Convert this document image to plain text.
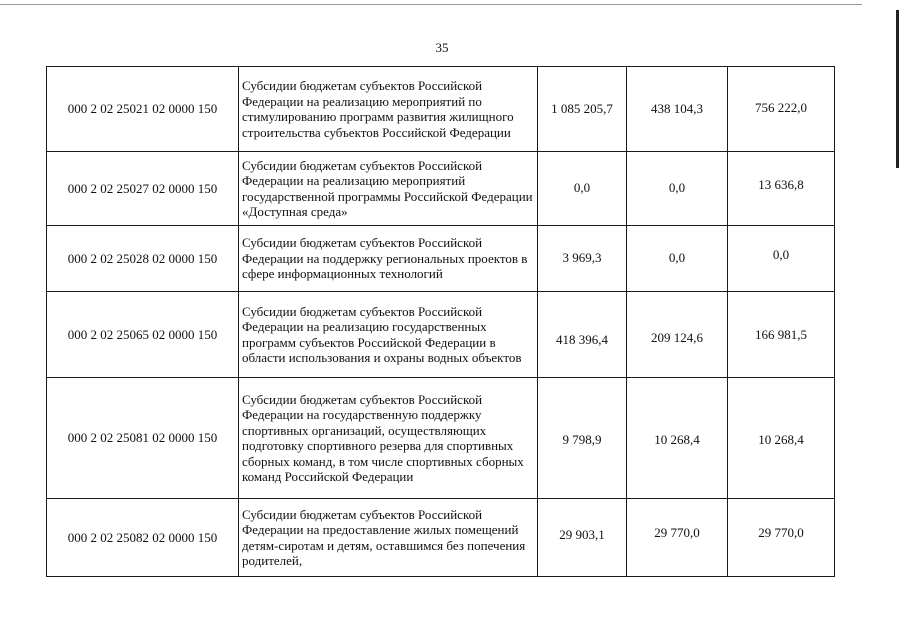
35
000 2 02 25021 02 0000 150	Субсидии бюджетам субъектов Российской Федерации на реализацию мероприятий по стимулированию программ развития жилищного строительства субъектов Российской Федерации	1 085 205,7	438 104,3	756 222,0

000 2 02 25027 02 0000 150	Субсидии бюджетам субъектов Российской Федерации на реализацию мероприятий государственной программы Российской Федерации «Доступная среда»	0,0	0,0	13 636,8

000 2 02 25028 02 0000 150	Субсидии бюджетам субъектов Российской Федерации на поддержку региональных проектов в сфере информационных технологий	3 969,3	0,0	0,0

000 2 02 25065 02 0000 150	Субсидии бюджетам субъектов Российской Федерации на реализацию государственных программ субъектов Российской Федерации в области использования и охраны водных объектов	418 396,4	209 124,6	166 981,5

000 2 02 25081 02 0000 150	Субсидии бюджетам субъектов Российской Федерации на государственную поддержку спортивных организаций, осуществляющих подготовку спортивного резерва для спортивных сборных команд, в том числе спортивных сборных команд Российской Федерации	9 798,9	10 268,4	10 268,4

000 2 02 25082 02 0000 150	Субсидии бюджетам субъектов Российской Федерации на предоставление жилых помещений детям-сиротам и детям, оставшимся без попечения родителей,	29 903,1	29 770,0	29 770,0
